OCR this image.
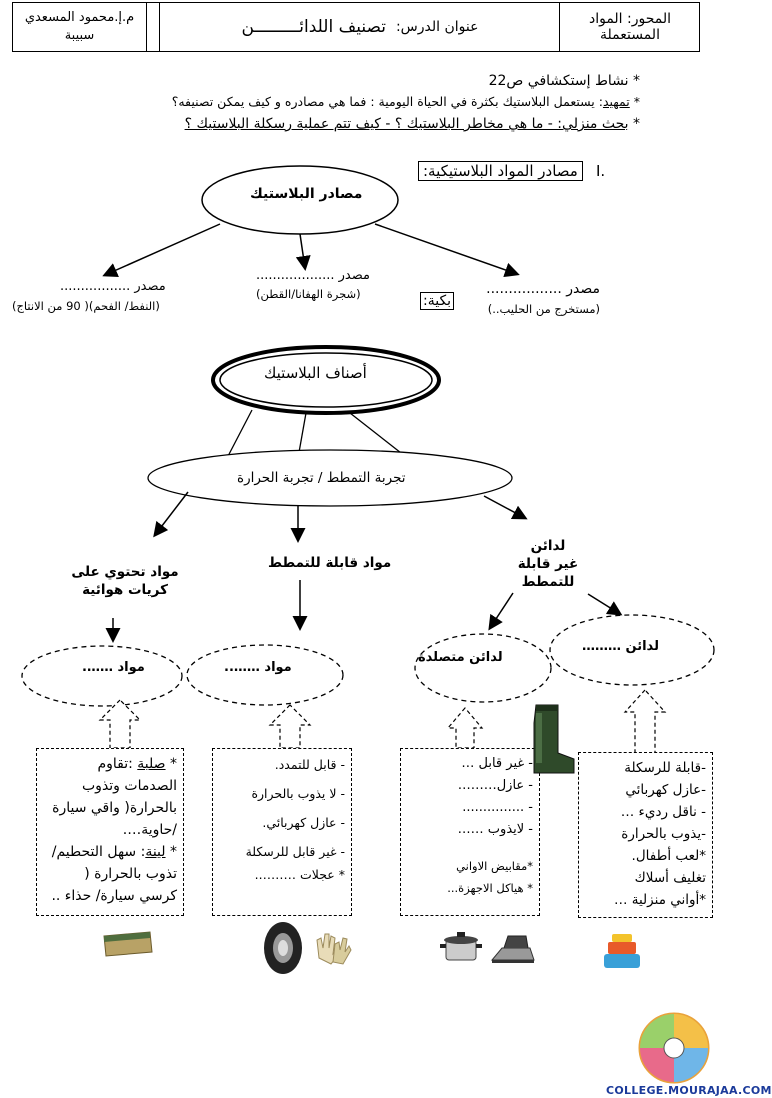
المحور: المواد المستعملة
عنوان الدرس:
تصنيف اللدائـــــــــن
م.إ.محمود المسعدي
سبيبة
* نشاط إستكشافي ص22
* تمهيد: يستعمل البلاستيك بكثرة في الحياة اليومية : فما هي مصادره و كيف يمكن تصنيفه؟
* بحث منزلي: - ما هي مخاطر البلاستيك ؟ - كيف تتم عملية رسكلة البلاستيك ؟
I.
مصادر المواد البلاستيكية:
مصادر البلاستيك
مصدر .................
(مستخرج من الحليب..)
بكية:
مصدر ...................
(شجرة الهفانا/القطن)
مصدر .................
(النفط/ الفحم)( 90 من الانتاج)
أصناف البلاستيك
تجربة التمطط / تجربة الحرارة
لدائن
غير قابلة للتمطط
مواد قابلة للتمطط
مواد تحتوي على
كريات هوائية
لدائن ………
لدائن متصلدة
مواد ……..
مواد …….
-قابلة للرسكلة
-عازل كهربائي
- ناقل رديء …
-يذوب بالحرارة
*لعب أطفال.
تغليف أسلاك
*أواني منزلية …
- غير قابل …
- عازل………
- ...............
- لايذوب ……
*مقابيض الاواني
* هياكل الاجهزة...
- قابل للتمدد.
- لا يذوب بالحرارة
- عازل كهربائي.
- غير قابل للرسكلة
* عجلات ……….
* صلبة :تقاوم
الصدمات وتذوب
بالحرارة( واقي سيارة
/حاوية….
* لينة: سهل التحطيم/
تذوب بالحرارة (
كرسي سيارة/ حذاء ..
COLLEGE.MOURAJAA.COM
